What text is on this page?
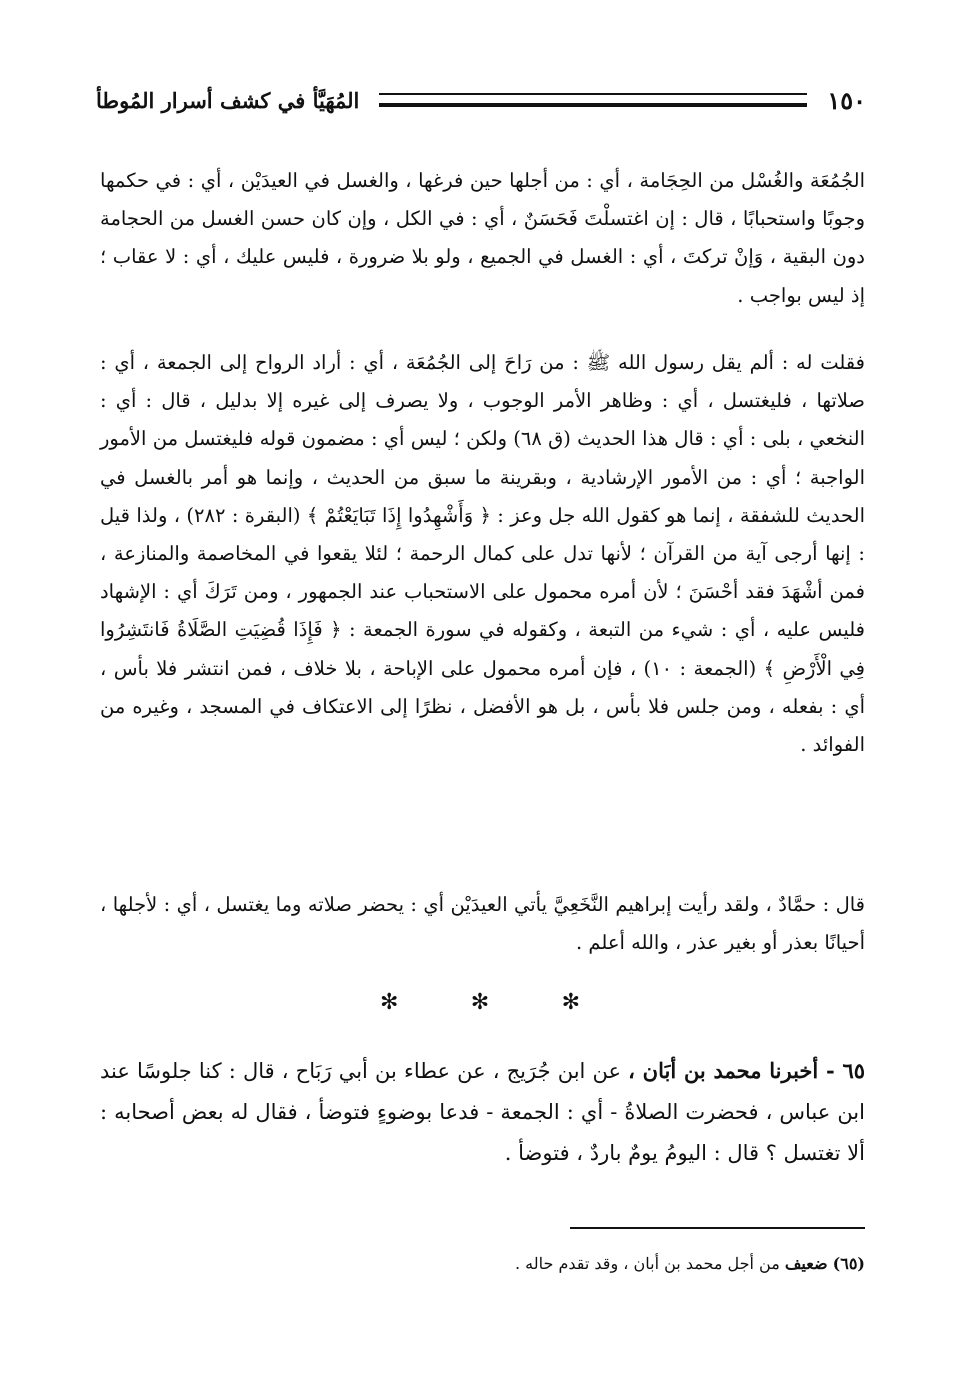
١٥٠
المُهَيَّأ في كشف أسرار المُوطأ

الجُمُعَة والغُسْل من الحِجَامة ، أي : من أجلها حين فرغها ، والغسل في العيدَيْن ، أي : في حكمها وجوبًا واستحبابًا ، قال : إن اغتسلْتَ فَحَسَنٌ ، أي : في الكل ، وإن كان حسن الغسل من الحجامة دون البقية ، وَإنْ تركتَ ، أي : الغسل في الجميع ، ولو بلا ضرورة ، فليس عليك ، أي : لا عقاب ؛ إذ ليس بواجب .

فقلت له : ألم يقل رسول الله ﷺ : من رَاحَ إلى الجُمُعَة ، أي : أراد الرواح إلى الجمعة ، أي : صلاتها ، فليغتسل ، أي : وظاهر الأمر الوجوب ، ولا يصرف إلى غيره إلا بدليل ، قال : أي : النخعي ، بلى : أي : قال هذا الحديث (ق ٦٨) ولكن ؛ ليس أي : مضمون قوله فليغتسل من الأمور الواجبة ؛ أي : من الأمور الإرشادية ، وبقرينة ما سبق من الحديث ، وإنما هو أمر بالغسل في الحديث للشفقة ، إنما هو كقول الله جل وعز : ﴿ وَأَشْهِدُوا إِذَا تَبَايَعْتُمْ ﴾ (البقرة : ٢٨٢) ، ولذا قيل : إنها أرجى آية من القرآن ؛ لأنها تدل على كمال الرحمة ؛ لئلا يقعوا في المخاصمة والمنازعة ، فمن أشْهَدَ فقد أحْسَنَ ؛ لأن أمره محمول على الاستحباب عند الجمهور ، ومن تَرَكَ أي : الإشهاد فليس عليه ، أي : شيء من التبعة ، وكقوله في سورة الجمعة : ﴿ فَإِذَا قُضِيَتِ الصَّلَاةُ فَانتَشِرُوا فِي الْأَرْضِ ﴾ (الجمعة : ١٠) ، فإن أمره محمول على الإباحة ، بلا خلاف ، فمن انتشر فلا بأس ، أي : بفعله ، ومن جلس فلا بأس ، بل هو الأفضل ، نظرًا إلى الاعتكاف في المسجد ، وغيره من الفوائد .

قال : حمَّادٌ ، ولقد رأيت إبراهيم النَّخَعِيَّ يأتي العيدَيْن أي : يحضر صلاته وما يغتسل ، أي : لأجلها ، أحيانًا بعذر أو بغير عذر ، والله أعلم .

✻
✻
✻

٦٥ - أخبرنا محمد بن أبَان ، عن ابن جُرَيج ، عن عطاء بن أبي رَبَاح ، قال : كنا جلوسًا عند ابن عباس ، فحضرت الصلاةُ - أي : الجمعة - فدعا بوضوءٍ فتوضأ ، فقال له بعض أصحابه : ألا تغتسل ؟ قال : اليومُ يومٌ باردٌ ، فتوضأ .

(٦٥) ضعيف من أجل محمد بن أبان ، وقد تقدم حاله .
